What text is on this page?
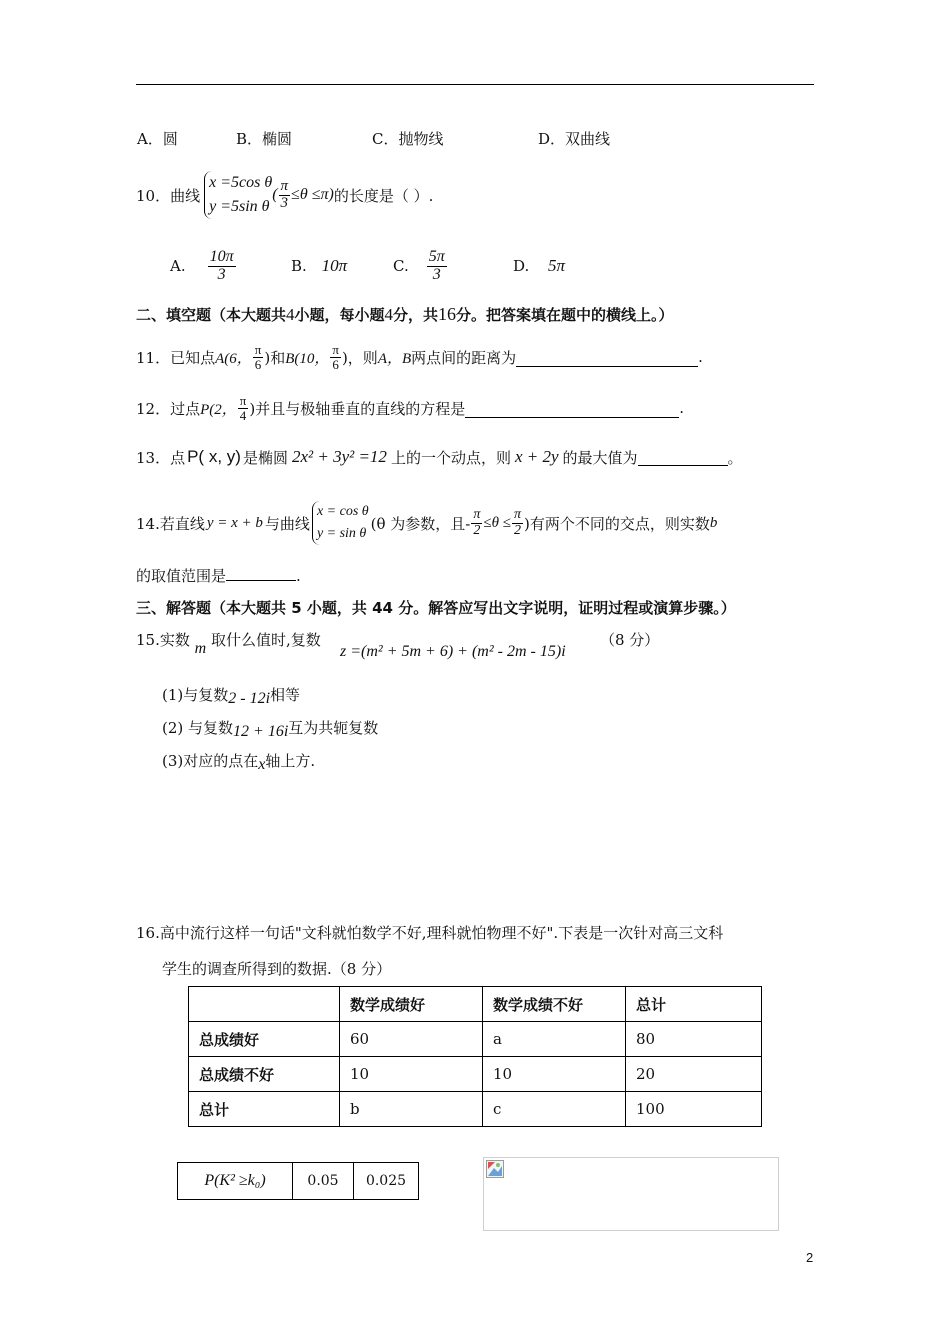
A．圆	B．椭圆	C．抛物线	D．双曲线
10． 曲线
x =5cos θ
y =5sin θ
( $\frac{\pi}{3} \le\theta \le\pi$) 的长度是（ ）.
A. $\frac{10\pi}{3}$	B. 10π	C. $\frac{5\pi}{3}$	D. 5π
二、填空题（本大题共4小题，每小题4分，共16分。把答案填在题中的横线上。）
11．已知点 A(6， $\frac{\pi}{6}$ )和 B(10， $\frac{\pi}{6}$ )，则 A，B 两点间的距离为	.
12．过点 P(2， $\frac{\pi}{4}$ )并且与极轴垂直的直线的方程是	.
13．点 P( x, y) 是椭圆 2x² + 3y² =12 上的一个动点，则 x + 2y 的最大值为	。
14.若直线 y = x + b 与曲线
x = cos θ
y = sin θ
(θ 为参数，且- $\frac{\pi}{2} \le\theta \le \frac{\pi}{2}$ )有两个不同的交点，则实数 b
的取值范围是	.
三、解答题（本大题共 5 小题，共 44 分。解答应写出文字说明，证明过程或演算步骤。）
15.实数 m 取什么值时,复数
z =(m² + 5m + 6) + (m² - 2m - 15)i
（8 分）
(1)与复数2 - 12i相等
(2) 与复数12 + 16i互为共轭复数
(3)对应的点在x轴上方.
16.高中流行这样一句话"文科就怕数学不好,理科就怕物理不好".下表是一次针对高三文科
学生的调查所得到的数据.（8 分）
	数学成绩好	数学成绩不好	总计
总成绩好	60	a	80
总成绩不好	10	10	20
总计	b	c	100
P(K² ≥k₀)	0.05	0.025
2
